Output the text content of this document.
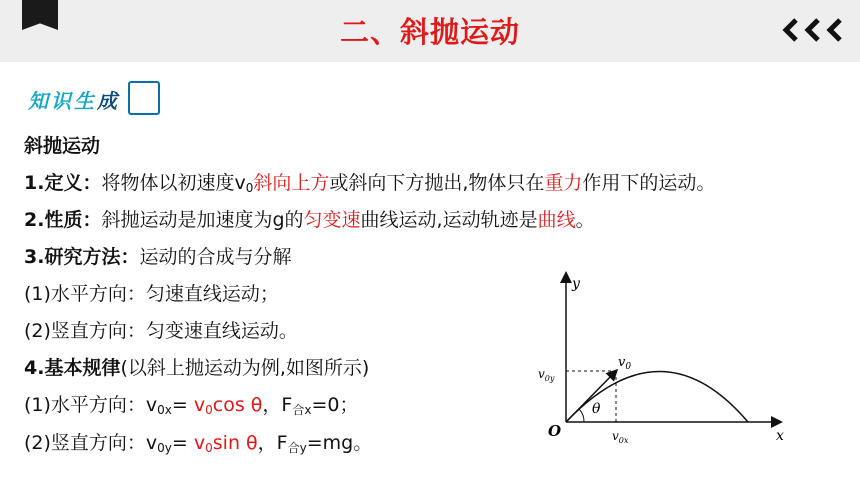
二、斜抛运动
知识生成
斜抛运动
1.定义：将物体以初速度$v_0$斜向上方或斜向下方抛出,物体只在重力作用下的运动。
2.性质：斜抛运动是加速度为g的匀变速曲线运动,运动轨迹是曲线。
3.研究方法：运动的合成与分解
(1)水平方向：匀速直线运动；
(2)竖直方向：匀变速直线运动。
4.基本规律(以斜上抛运动为例,如图所示)
(1)水平方向：$v_{0x}= v_0\cos$ θ，$F_{合x}=0$；
(2)竖直方向：$v_{0y}= v_0\sin$ θ，$F_{合y}=mg$。
y
x
O
$v_0$
$v_{0y}$
$v_{0x}$
θ
